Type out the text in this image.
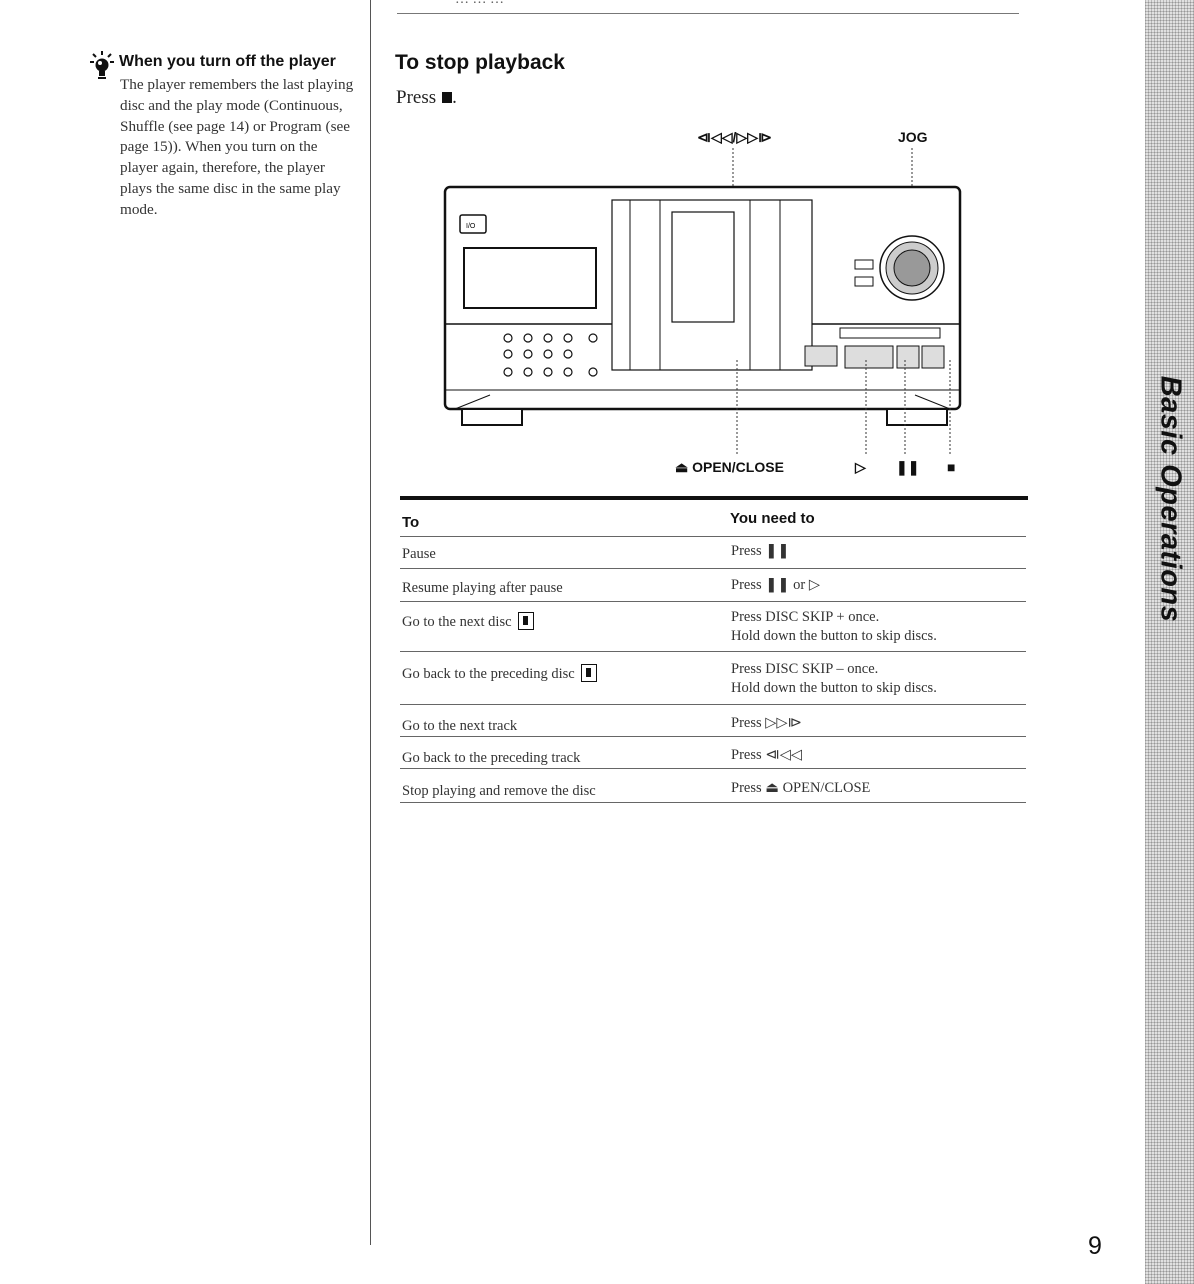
When you turn off the player
The player remembers the last playing disc and the play mode (Continuous, Shuffle (see page 14) or Program (see page 15)). When you turn on the player again, therefore, the player plays the same disc in the same play mode.
To stop playback
Press .
⧏◁◁/▷▷⧐	JOG
I/O
⏏ OPEN/CLOSE	▷ ❚❚ ■
To	You need to
Pause	Press ❚❚
Resume playing after pause	Press ❚❚ or ▷
Go to the next disc	Press DISC SKIP + once.
Hold down the button to skip discs.
Go back to the preceding disc	Press DISC SKIP – once.
Hold down the button to skip discs.
Go to the next track	Press ▷▷⧐
Go back to the preceding track	Press ⧏◁◁
Stop playing and remove the disc	Press ⏏ OPEN/CLOSE
Basic Operations
9
